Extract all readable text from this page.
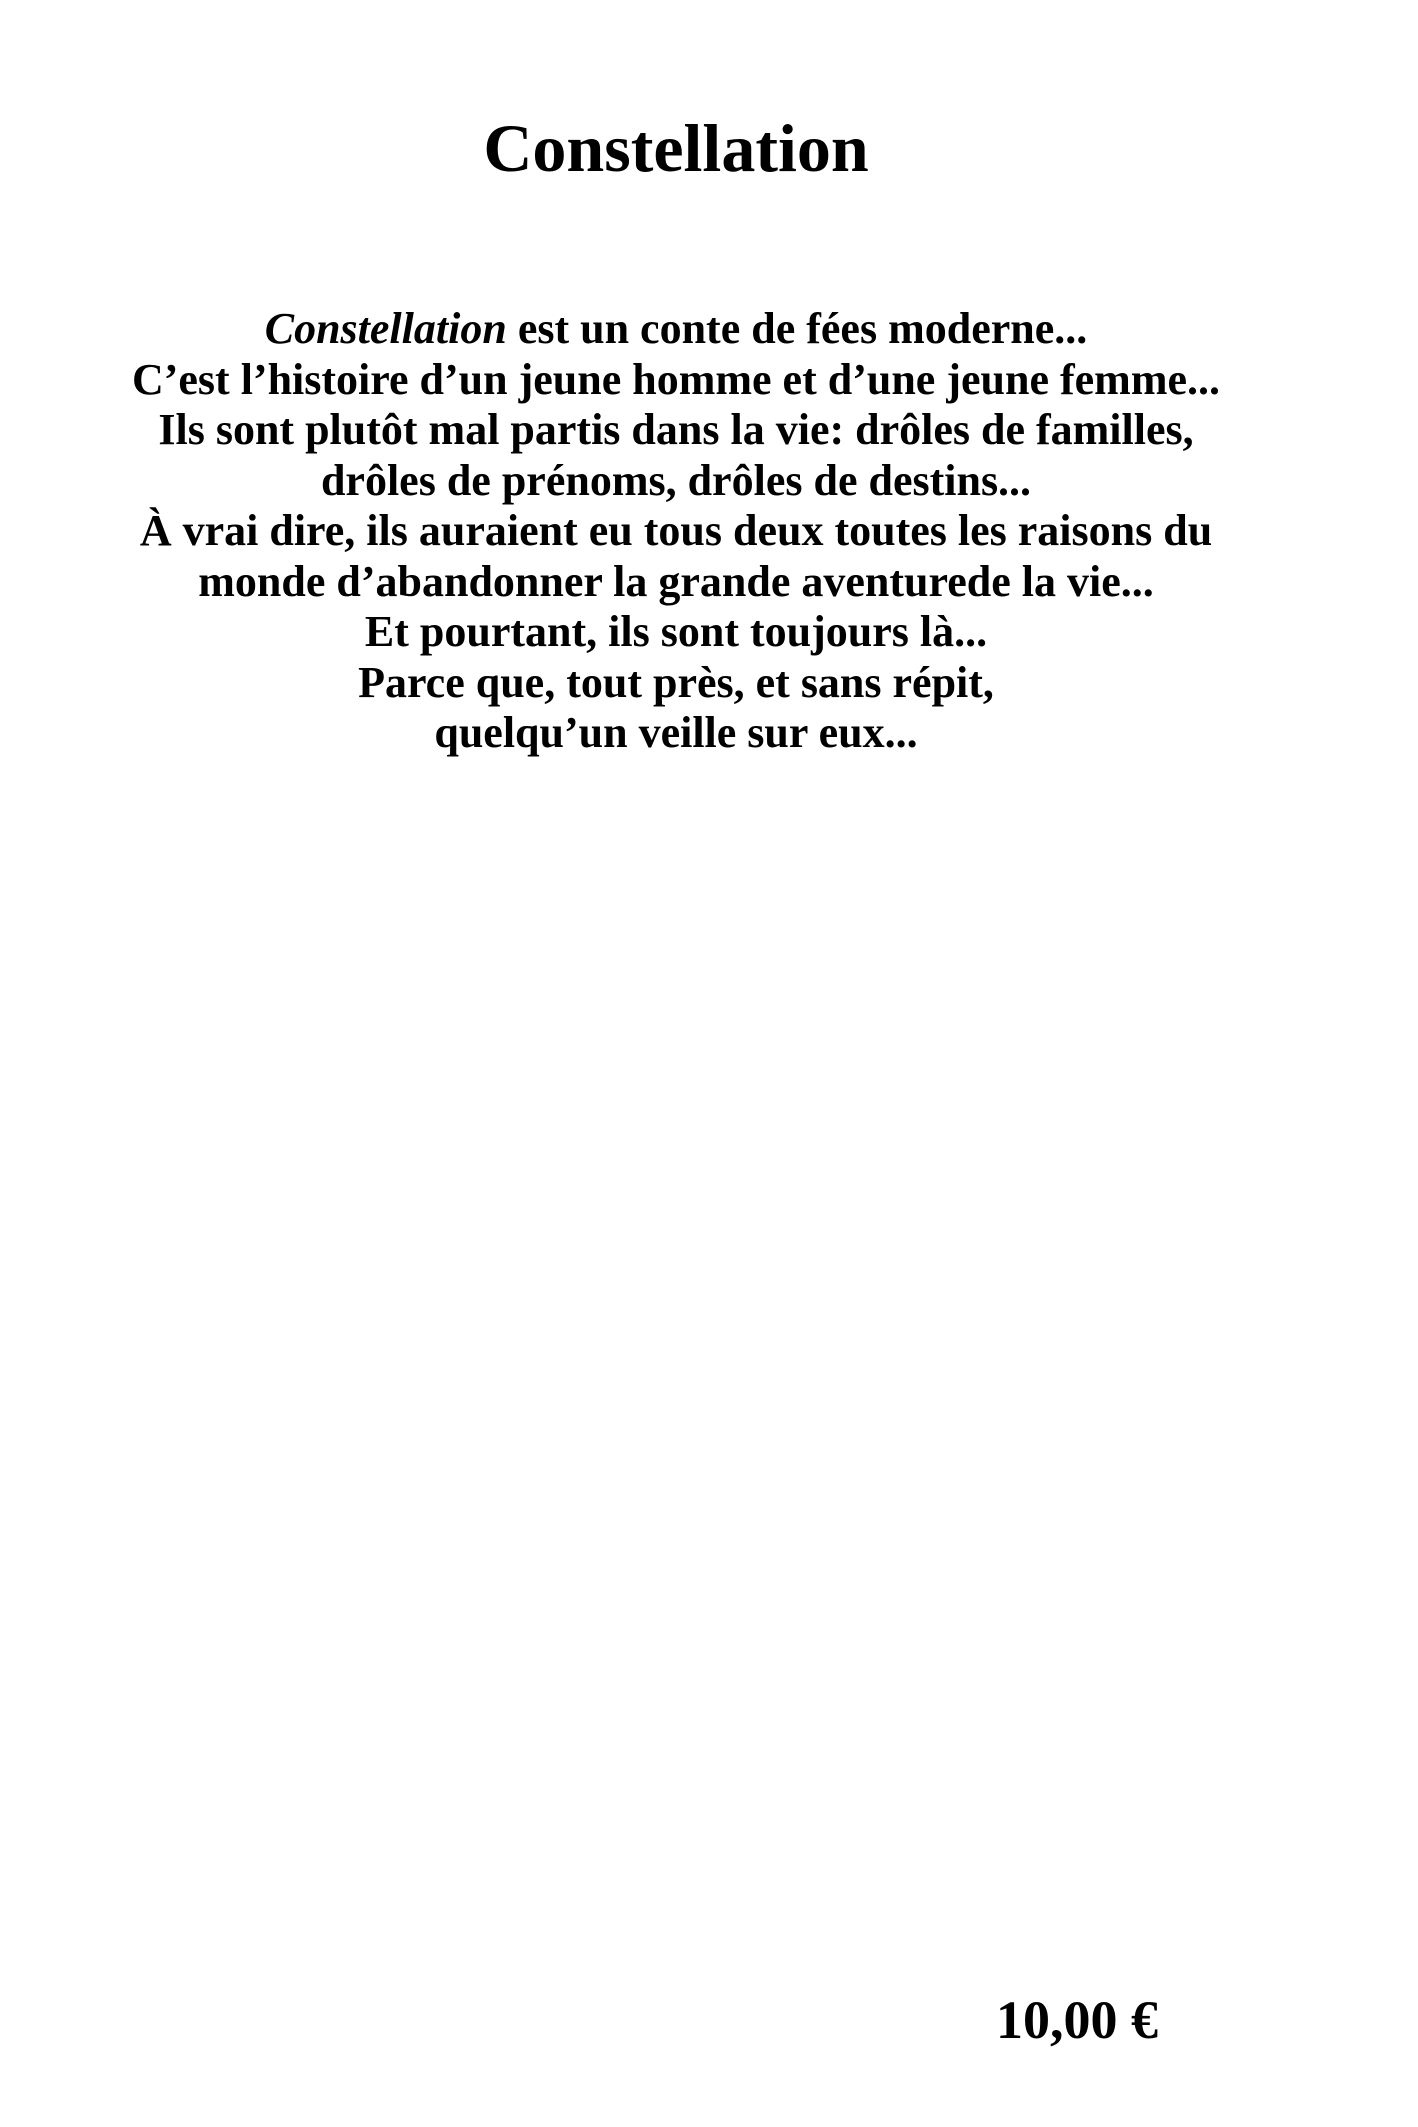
Constellation
Constellation est un conte de fées moderne...
C’est l’histoire d’un jeune homme et d’une jeune femme...
Ils sont plutôt mal partis dans la vie: drôles de familles,
drôles de prénoms, drôles de destins...
À vrai dire, ils auraient eu tous deux toutes les raisons du
monde d’abandonner la grande aventurede la vie...
Et pourtant, ils sont toujours là...
Parce que, tout près, et sans répit,
quelqu’un veille sur eux...
10,00 €
